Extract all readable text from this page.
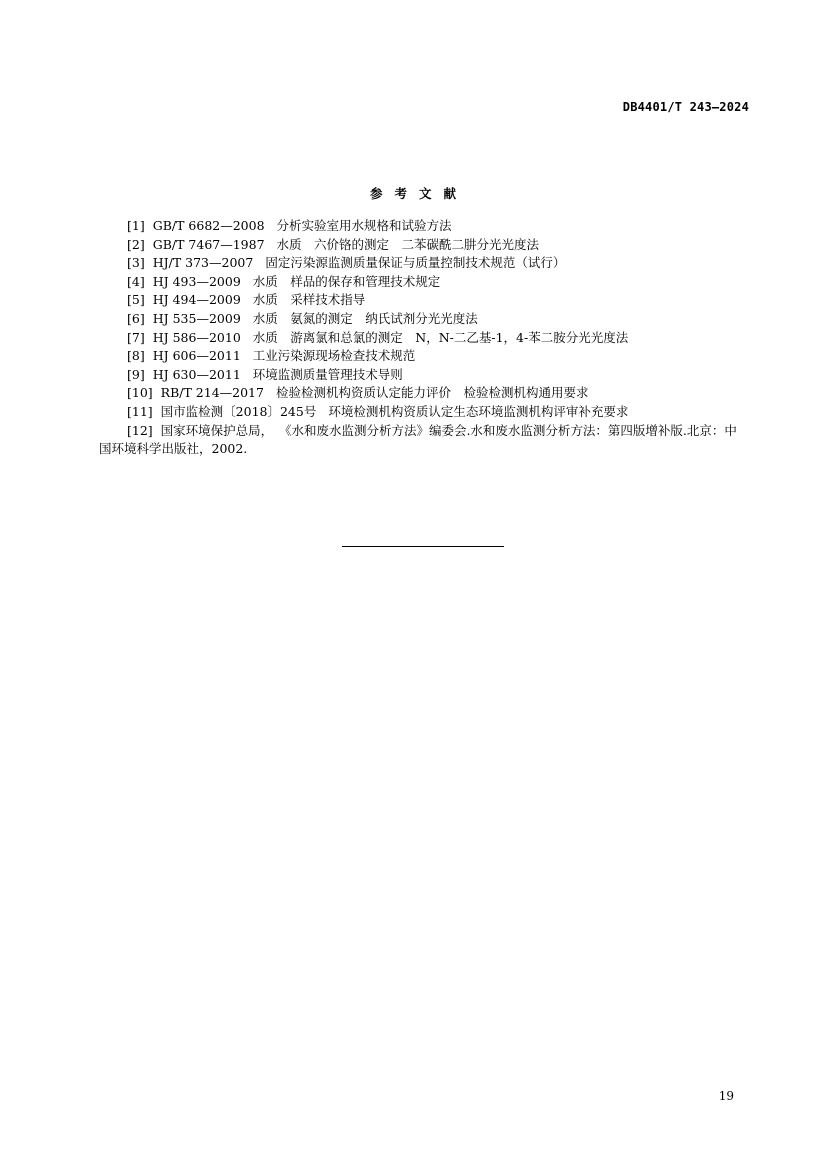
DB4401/T 243—2024
参考文献
[1] GB/T 6682—2008 分析实验室用水规格和试验方法
[2] GB/T 7467—1987 水质　六价铬的测定　二苯碳酰二肼分光光度法
[3] HJ/T 373—2007 固定污染源监测质量保证与质量控制技术规范（试行）
[4] HJ 493—2009 水质　样品的保存和管理技术规定
[5] HJ 494—2009 水质　采样技术指导
[6] HJ 535—2009 水质　氨氮的测定　纳氏试剂分光光度法
[7] HJ 586—2010 水质　游离氯和总氯的测定　N，N-二乙基-1，4-苯二胺分光光度法
[8] HJ 606—2011 工业污染源现场检查技术规范
[9] HJ 630—2011 环境监测质量管理技术导则
[10] RB/T 214—2017 检验检测机构资质认定能力评价　检验检测机构通用要求
[11] 国市监检测〔2018〕245号 环境检测机构资质认定生态环境监测机构评审补充要求
[12] 国家环境保护总局， 《水和废水监测分析方法》编委会.水和废水监测分析方法：第四版增补版.北京：中国环境科学出版社，2002.
19
